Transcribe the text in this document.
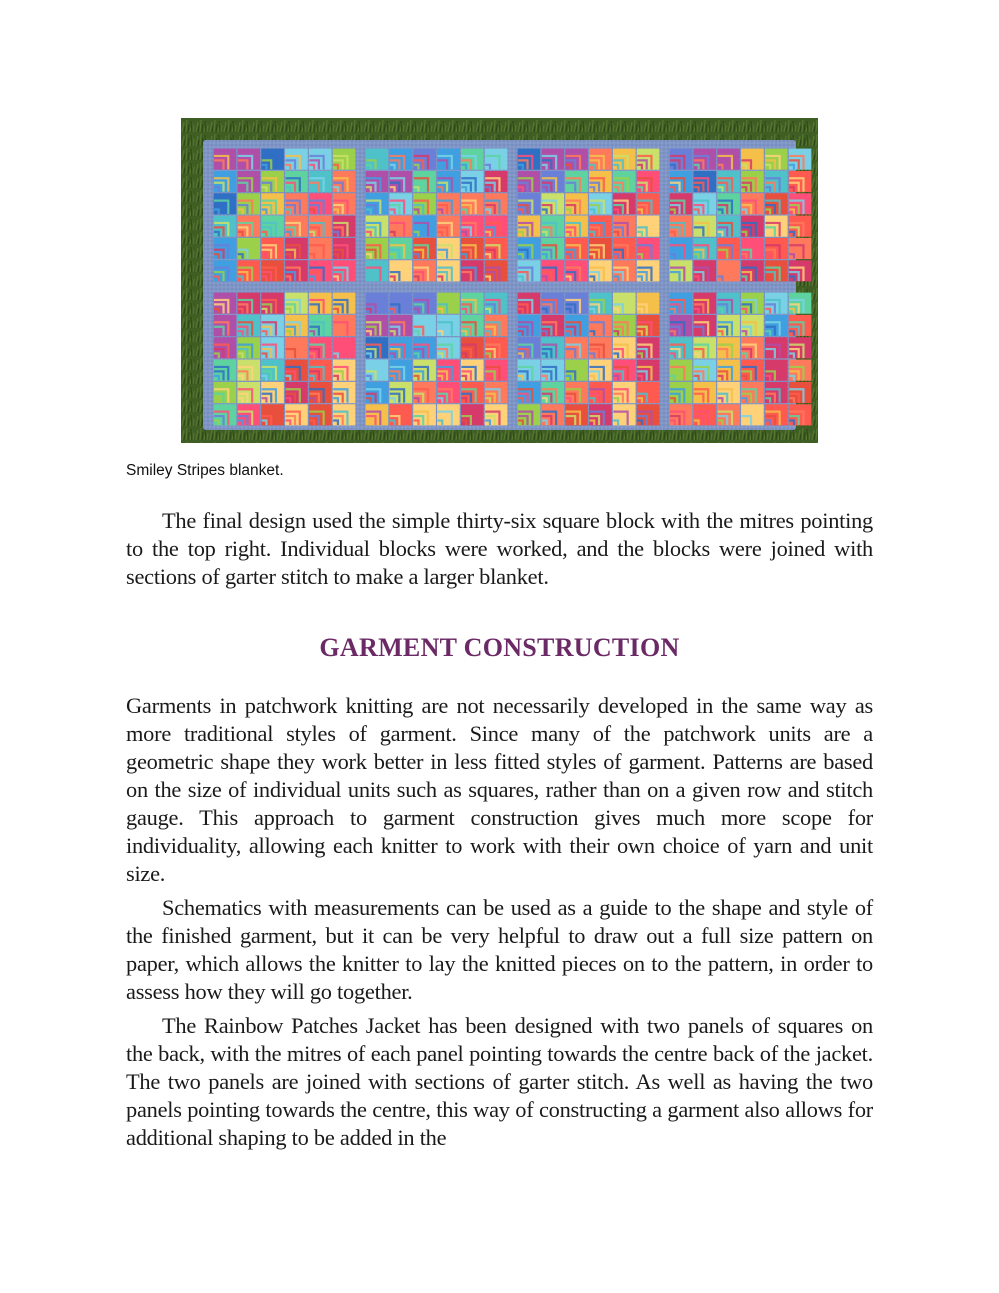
Smiley Stripes blanket.

The final design used the simple thirty-six square block with the mitres pointing to the top right. Individual blocks were worked, and the blocks were joined with sections of garter stitch to make a larger blanket.

GARMENT CONSTRUCTION

Garments in patchwork knitting are not necessarily developed in the same way as more traditional styles of garment. Since many of the patchwork units are a geometric shape they work better in less fitted styles of garment. Patterns are based on the size of individual units such as squares, rather than on a given row and stitch gauge. This approach to garment construction gives much more scope for individuality, allowing each knitter to work with their own choice of yarn and unit size.

Schematics with measurements can be used as a guide to the shape and style of the finished garment, but it can be very helpful to draw out a full size pattern on paper, which allows the knitter to lay the knitted pieces on to the pattern, in order to assess how they will go together.

The Rainbow Patches Jacket has been designed with two panels of squares on the back, with the mitres of each panel pointing towards the centre back of the jacket. The two panels are joined with sections of garter stitch. As well as having the two panels pointing towards the centre, this way of constructing a garment also allows for additional shaping to be added in the
